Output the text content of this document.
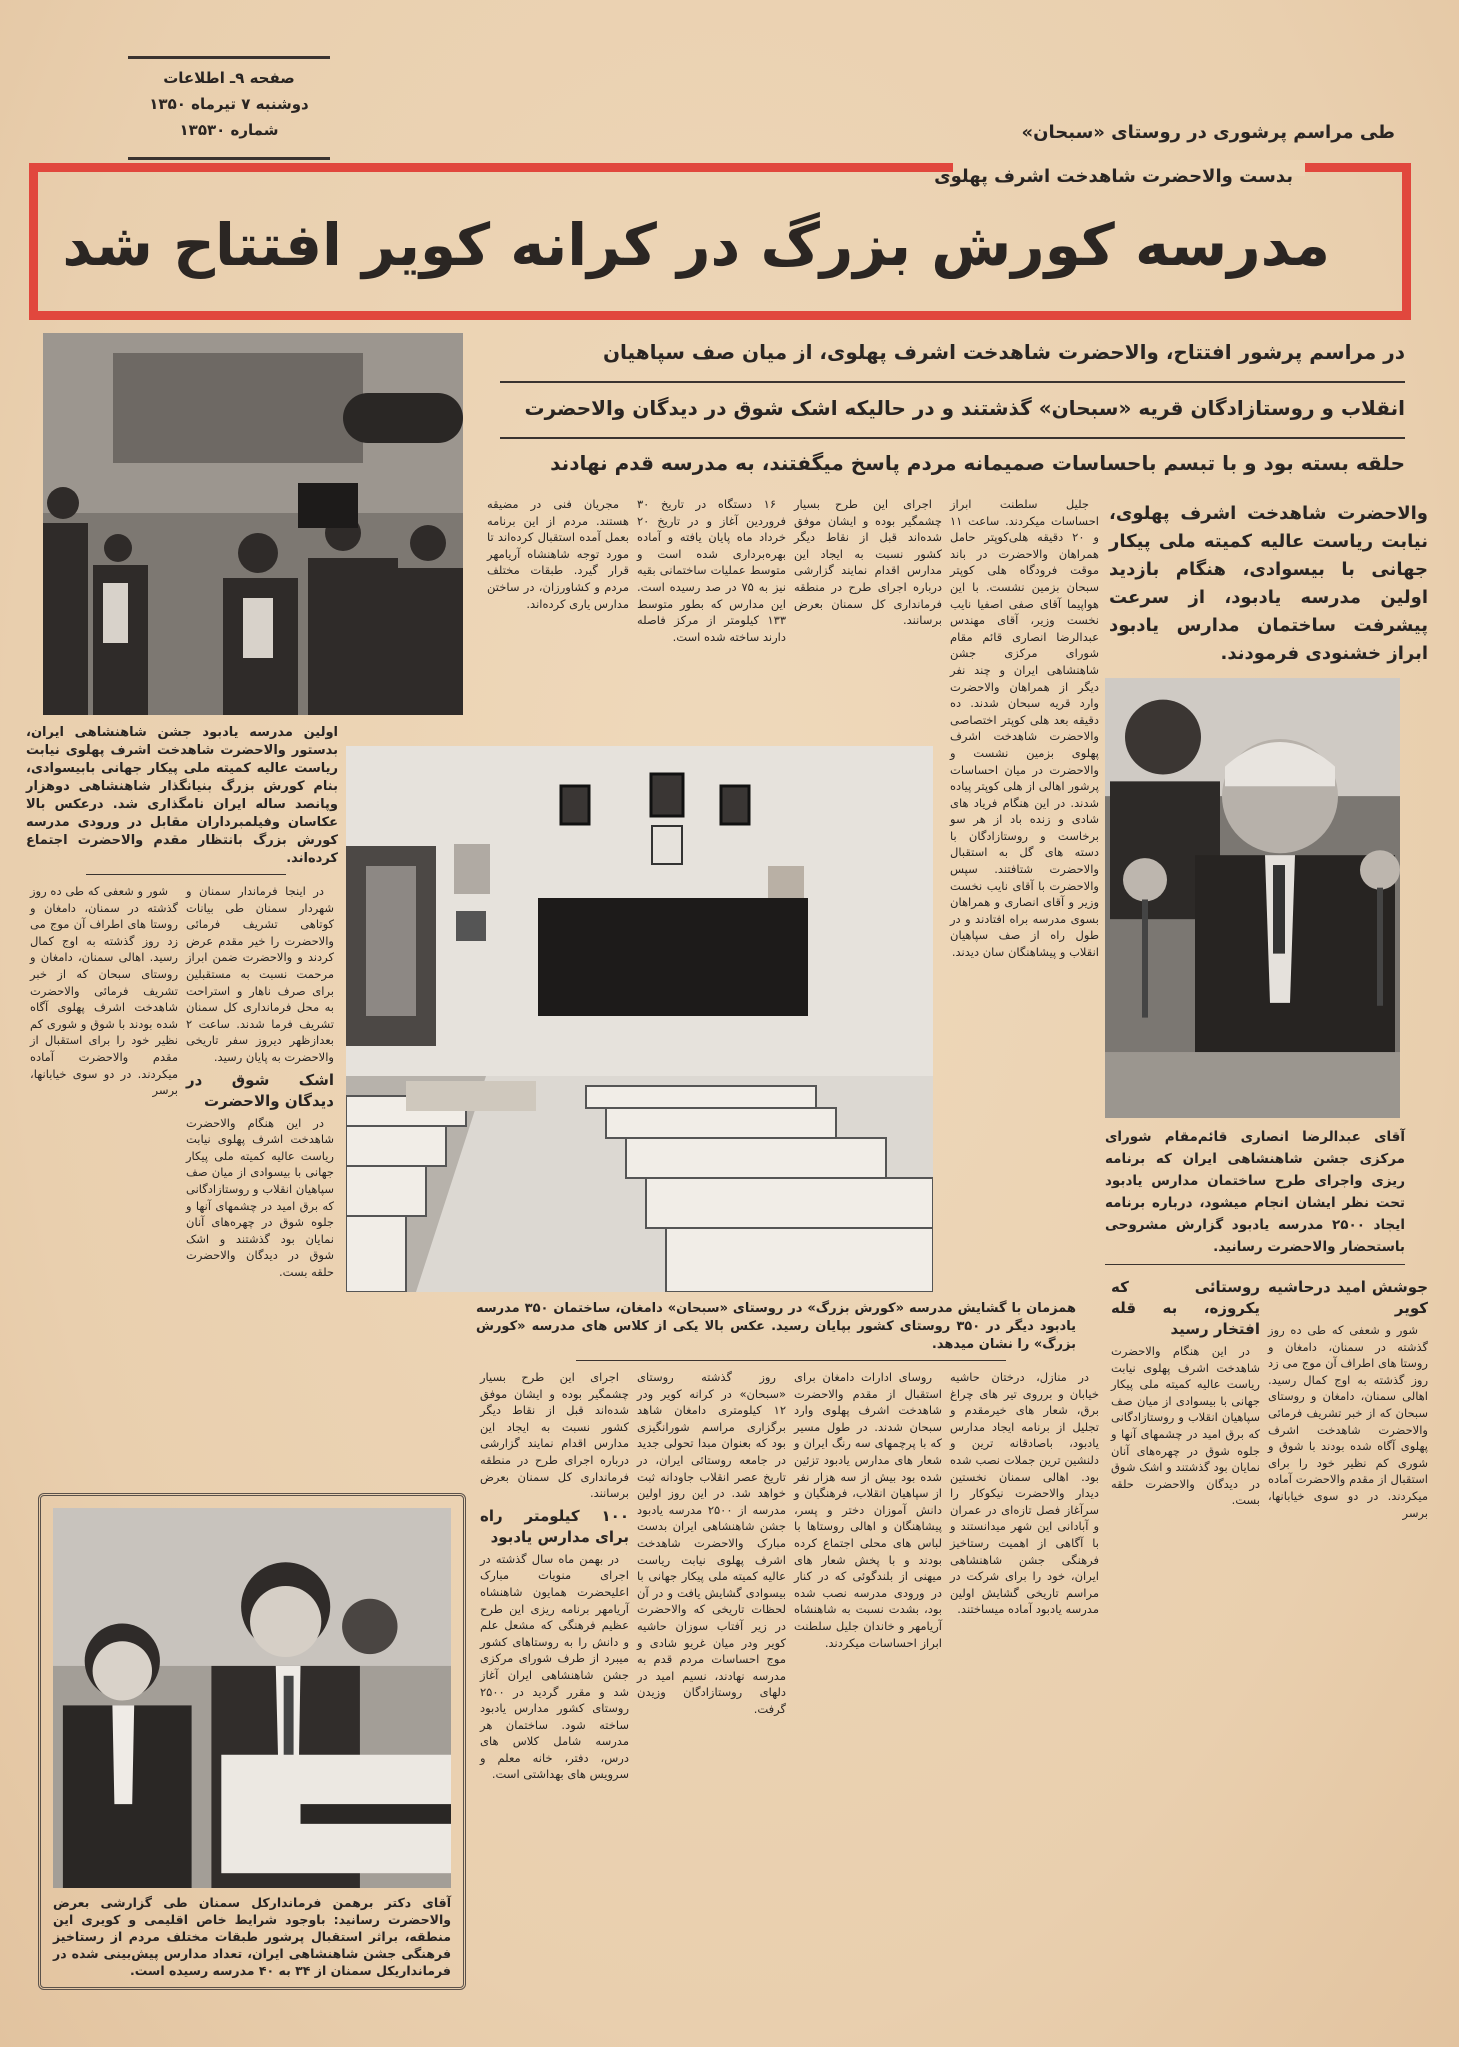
صفحه ۹ـ اطلاعات
دوشنبه ۷ تیرماه ۱۳۵۰
شماره ۱۳۵۳۰	طی مراسم پرشوری در روستای «سبحان»
بدست والاحضرت شاهدخت اشرف پهلوی
مدرسه کورش بزرگ در کرانه کویر افتتاح شد
در مراسم پرشور افتتاح، والاحضرت شاهدخت اشرف پهلوی، از میان صف سپاهیان
انقلاب و روستازادگان قریه «سبحان» گذشتند و در حالیکه اشک شوق در دیدگان والاحضرت
حلقه بسته بود و با تبسم باحساسات صمیمانه مردم پاسخ میگفتند، به مدرسه قدم نهادند

اجرای این طرح بسیار چشمگیر بوده و ایشان موفق شده‌اند قبل از نقاط دیگر کشور نسبت به ایجاد این مدارس اقدام نمایند گزارشی درباره اجرای طرح در منطقه فرمانداری کل سمنان بعرض برسانند.

۱۶ دستگاه در تاریخ ۳۰ فروردین آغاز و در تاریخ ۲۰ خرداد ماه پایان یافته و آماده بهره‌برداری شده است و متوسط عملیات ساختمانی بقیه نیز به ۷۵ در صد رسیده است. این مدارس که بطور متوسط ۱۳۳ کیلومتر از مرکز فاصله دارند ساخته شده است.

مجریان فنی در مضیقه هستند. مردم از این برنامه بعمل آمده استقبال کرده‌اند تا مورد توجه شاهنشاه آریامهر قرار گیرد. طبقات مختلف مردم و کشاورزان، در ساختن مدارس یاری کرده‌اند.

جلیل سلطنت ابراز احساسات میکردند. ساعت ۱۱ و ۲۰ دقیقه هلی‌کوپتر حامل همراهان والاحضرت در باند موقت فرودگاه هلی کوپتر سبحان بزمین نشست. با این هواپیما آقای صفی اصفیا نایب نخست وزیر، آقای مهندس عبدالرضا انصاری قائم مقام شورای مرکزی جشن شاهنشاهی ایران و چند نفر دیگر از همراهان والاحضرت وارد قریه سبحان شدند. ده دقیقه بعد هلی کوپتر اختصاصی والاحضرت شاهدخت اشرف پهلوی بزمین نشست و والاحضرت در میان احساسات پرشور اهالی از هلی کوپتر پیاده شدند. در این هنگام فریاد های شادی و زنده باد از هر سو برخاست و روستازادگان با دسته های گل به استقبال والاحضرت شتافتند. سپس والاحضرت با آقای نایب نخست وزیر و آقای انصاری و همراهان بسوی مدرسه براه افتادند و در طول راه از صف سپاهیان انقلاب و پیشاهنگان سان دیدند.

اولین مدرسه یادبود جشن شاهنشاهی ایران، بدستور والاحضرت شاهدخت اشرف پهلوی نیابت ریاست عالیه کمیته ملی پیکار جهانی بابیسوادی، بنام کورش بزرگ بنیانگذار شاهنشاهی دوهزار وپانصد ساله ایران نامگذاری شد. درعکس بالا عکاسان وفیلمبرداران مقابل در ورودی مدرسه کورش بزرگ بانتظار مقدم والاحضرت اجتماع کرده‌اند.

در اینجا فرماندار سمنان و شهردار سمنان طی بیانات کوتاهی تشریف فرمائی والاحضرت را خیر مقدم عرض کردند و والاحضرت ضمن ابراز مرحمت نسبت به مستقبلین برای صرف ناهار و استراحت به محل فرمانداری کل سمنان تشریف فرما شدند. ساعت ۲ بعدازظهر دیروز سفر تاریخی والاحضرت به پایان رسید.

اشک شوق در دیدگان والاحضرت

در این هنگام والاحضرت شاهدخت اشرف پهلوی نیابت ریاست عالیه کمیته ملی پیکار جهانی با بیسوادی از میان صف سپاهیان انقلاب و روستازادگانی که برق امید در چشمهای آنها و جلوه شوق در چهره‌های آنان نمایان بود گذشتند و اشک شوق در دیدگان والاحضرت حلقه بست.

شور و شعفی که طی ده روز گذشته در سمنان، دامغان و روستا های اطراف آن موج می زد روز گذشته به اوج کمال رسید. اهالی سمنان، دامغان و روستای سبحان که از خبر تشریف فرمائی والاحضرت شاهدخت اشرف پهلوی آگاه شده بودند با شوق و شوری کم نظیر خود را برای استقبال از مقدم والاحضرت آماده میکردند. در دو سوی خیابانها، برسر

آقای دکتر برهمن فرماندارکل سمنان طی گزارشی بعرض والاحضرت رسانید: باوجود شرایط خاص اقلیمی و کویری این منطقه، براثر استقبال پرشور طبقات مختلف مردم از رستاخیز فرهنگی جشن شاهنشاهی ایران، تعداد مدارس پیش‌بینی شده در فرمانداریکل سمنان از ۳۴ به ۴۰ مدرسه رسیده است.
همزمان با گشایش مدرسه «کورش بزرگ» در روستای «سبحان» دامغان، ساختمان ۳۵۰ مدرسه یادبود دیگر در ۳۵۰ روستای کشور بپایان رسید. عکس بالا یکی از کلاس های مدرسه «کورش بزرگ» را نشان میدهد.

در منازل، درختان حاشیه خیابان و برروی تیر های چراغ برق، شعار های خیرمقدم و تجلیل از برنامه ایجاد مدارس یادبود، باصادقانه ترین و دلنشین ترین جملات نصب شده بود. اهالی سمنان نخستین دیدار والاحضرت نیکوکار را سرآغاز فصل تازه‌ای در عمران و آبادانی این شهر میدانستند و با آگاهی از اهمیت رستاخیز فرهنگی جشن شاهنشاهی ایران، خود را برای شرکت در مراسم تاریخی گشایش اولین مدرسه یادبود آماده میساختند.

روسای ادارات دامغان برای استقبال از مقدم والاحضرت شاهدخت اشرف پهلوی وارد سبحان شدند. در طول مسیر که با پرچمهای سه رنگ ایران و شعار های مدارس یادبود تزئین شده بود بیش از سه هزار نفر از سپاهیان انقلاب، فرهنگیان و دانش آموزان دختر و پسر، پیشاهنگان و اهالی روستاها با لباس های محلی اجتماع کرده بودند و با پخش شعار های میهنی از بلندگوئی که در کنار در ورودی مدرسه نصب شده بود، بشدت نسبت به شاهنشاه آریامهر و خاندان جلیل سلطنت ابراز احساسات میکردند.

روز گذشته روستای «سبحان» در کرانه کویر ودر ۱۲ کیلومتری دامغان شاهد برگزاری مراسم شورانگیزی بود که بعنوان مبدا تحولی جدید در جامعه روستائی ایران، در تاریخ عصر انقلاب جاودانه ثبت خواهد شد. در این روز اولین مدرسه از ۲۵۰۰ مدرسه یادبود جشن شاهنشاهی ایران بدست مبارک والاحضرت شاهدخت اشرف پهلوی نیابت ریاست عالیه کمیته ملی پیکار جهانی با بیسوادی گشایش یافت و در آن لحظات تاریخی که والاحضرت در زیر آفتاب سوزان حاشیه کویر ودر میان غریو شادی و موج احساسات مردم قدم به مدرسه نهادند، نسیم امید در دلهای روستازادگان وزیدن گرفت.

اجرای این طرح بسیار چشمگیر بوده و ایشان موفق شده‌اند قبل از نقاط دیگر کشور نسبت به ایجاد این مدارس اقدام نمایند گزارشی درباره اجرای طرح در منطقه فرمانداری کل سمنان بعرض برسانند.

۱۰۰ کیلومتر راه برای مدارس یادبود

در بهمن ماه سال گذشته در اجرای منویات مبارک اعلیحضرت همایون شاهنشاه آریامهر برنامه ریزی این طرح عظیم فرهنگی که مشعل علم و دانش را به روستاهای کشور میبرد از طرف شورای مرکزی جشن شاهنشاهی ایران آغاز شد و مقرر گردید در ۲۵۰۰ روستای کشور مدارس یادبود ساخته شود. ساختمان هر مدرسه شامل کلاس های درس، دفتر، خانه معلم و سرویس های بهداشتی است.

والاحضرت شاهدخت اشرف پهلوی، نیابت ریاست عالیه کمیته ملی پیکار جهانی با بیسوادی، هنگام بازدید اولین مدرسه یادبود، از سرعت پیشرفت ساختمان مدارس یادبود ابراز خشنودی فرمودند.
آقای عبدالرضا انصاری قائم‌مقام شورای مرکزی جشن شاهنشاهی ایران که برنامه ریزی واجرای طرح ساختمان مدارس یادبود تحت نظر ایشان انجام میشود، درباره برنامه ایجاد ۲۵۰۰ مدرسه یادبود گزارش مشروحی باستحضار والاحضرت رسانید.
جوشش امید درحاشیه کویر

شور و شعفی که طی ده روز گذشته در سمنان، دامغان و روستا های اطراف آن موج می زد روز گذشته به اوج کمال رسید. اهالی سمنان، دامغان و روستای سبحان که از خبر تشریف فرمائی والاحضرت شاهدخت اشرف پهلوی آگاه شده بودند با شوق و شوری کم نظیر خود را برای استقبال از مقدم والاحضرت آماده میکردند. در دو سوی خیابانها، برسر

روستائی که یکروزه، به قله افتخار رسید

در این هنگام والاحضرت شاهدخت اشرف پهلوی نیابت ریاست عالیه کمیته ملی پیکار جهانی با بیسوادی از میان صف سپاهیان انقلاب و روستازادگانی که برق امید در چشمهای آنها و جلوه شوق در چهره‌های آنان نمایان بود گذشتند و اشک شوق در دیدگان والاحضرت حلقه بست.
